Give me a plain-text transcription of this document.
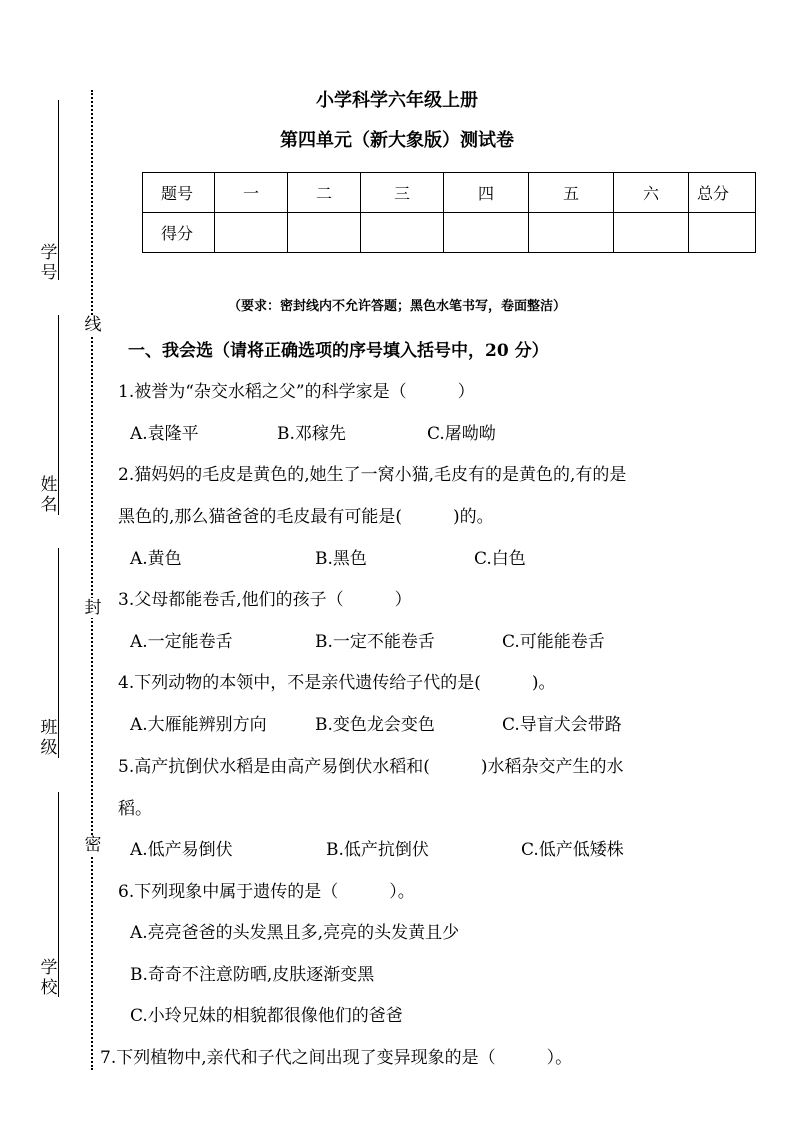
学号
姓名
班级
学校
线
封
密
小学科学六年级上册
第四单元（新大象版）测试卷
题号	一	二	三	四	五	六	总分
得分							
（要求：密封线内不允许答题；黑色水笔书写，卷面整洁）
一、我会选（请将正确选项的序号填入括号中，20 分）
1.被誉为“杂交水稻之父”的科学家是（　　　）
A.袁隆平	B.邓稼先	C.屠呦呦
2.猫妈妈的毛皮是黄色的,她生了一窝小猫,毛皮有的是黄色的,有的是
黑色的,那么猫爸爸的毛皮最有可能是(　　　)的。
A.黄色	B.黑色	C.白色
3.父母都能卷舌,他们的孩子（　　　）
A.一定能卷舌	B.一定不能卷舌	C.可能能卷舌
4.下列动物的本领中，不是亲代遗传给子代的是(　　　)。
A.大雁能辨别方向	B.变色龙会变色	C.导盲犬会带路
5.高产抗倒伏水稻是由高产易倒伏水稻和(　　　)水稻杂交产生的水
稻。
A.低产易倒伏	B.低产抗倒伏	C.低产低矮株
6.下列现象中属于遗传的是（　　　）。
A.亮亮爸爸的头发黑且多,亮亮的头发黄且少
B.奇奇不注意防晒,皮肤逐渐变黑
C.小玲兄妹的相貌都很像他们的爸爸
7.下列植物中,亲代和子代之间出现了变异现象的是（　　　）。
